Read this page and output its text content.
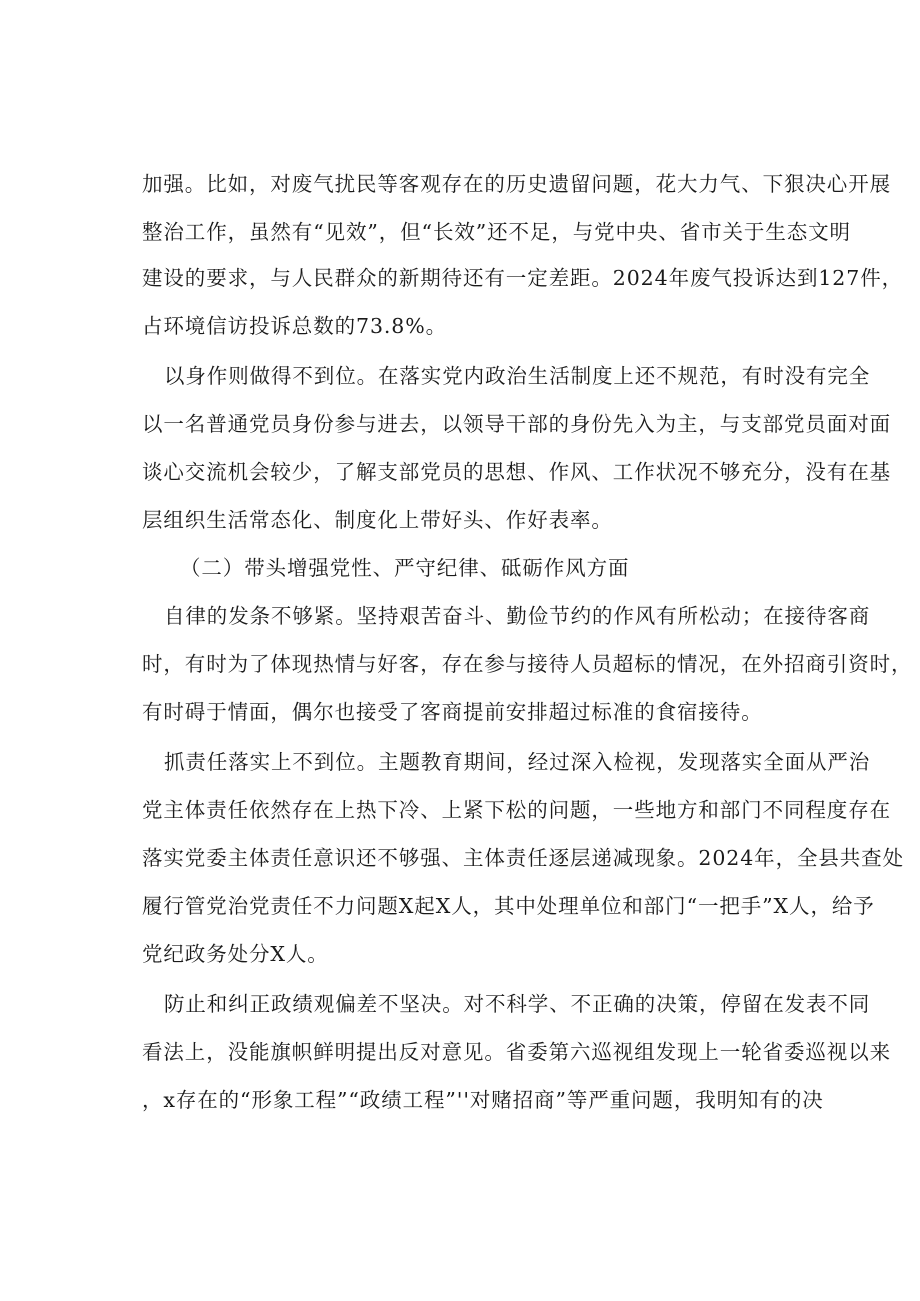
加强。比如，对废气扰民等客观存在的历史遗留问题，花大力气、下狠决心开展
整治工作，虽然有“见效”，但“长效”还不足，与党中央、省市关于生态文明
建设的要求，与人民群众的新期待还有一定差距。2024年废气投诉达到127件，
占环境信访投诉总数的73.8%。
以身作则做得不到位。在落实党内政治生活制度上还不规范，有时没有完全
以一名普通党员身份参与进去，以领导干部的身份先入为主，与支部党员面对面
谈心交流机会较少，了解支部党员的思想、作风、工作状况不够充分，没有在基
层组织生活常态化、制度化上带好头、作好表率。
（二）带头增强党性、严守纪律、砥砺作风方面
自律的发条不够紧。坚持艰苦奋斗、勤俭节约的作风有所松动；在接待客商
时，有时为了体现热情与好客，存在参与接待人员超标的情况，在外招商引资时，
有时碍于情面，偶尔也接受了客商提前安排超过标准的食宿接待。
抓责任落实上不到位。主题教育期间，经过深入检视，发现落实全面从严治
党主体责任依然存在上热下冷、上紧下松的问题，一些地方和部门不同程度存在
落实党委主体责任意识还不够强、主体责任逐层递减现象。2024年，全县共查处
履行管党治党责任不力问题X起X人，其中处理单位和部门“一把手”X人，给予
党纪政务处分X人。
防止和纠正政绩观偏差不坚决。对不科学、不正确的决策，停留在发表不同
看法上，没能旗帜鲜明提出反对意见。省委第六巡视组发现上一轮省委巡视以来
，x存在的“形象工程”“政绩工程”''对赌招商”等严重问题，我明知有的决
